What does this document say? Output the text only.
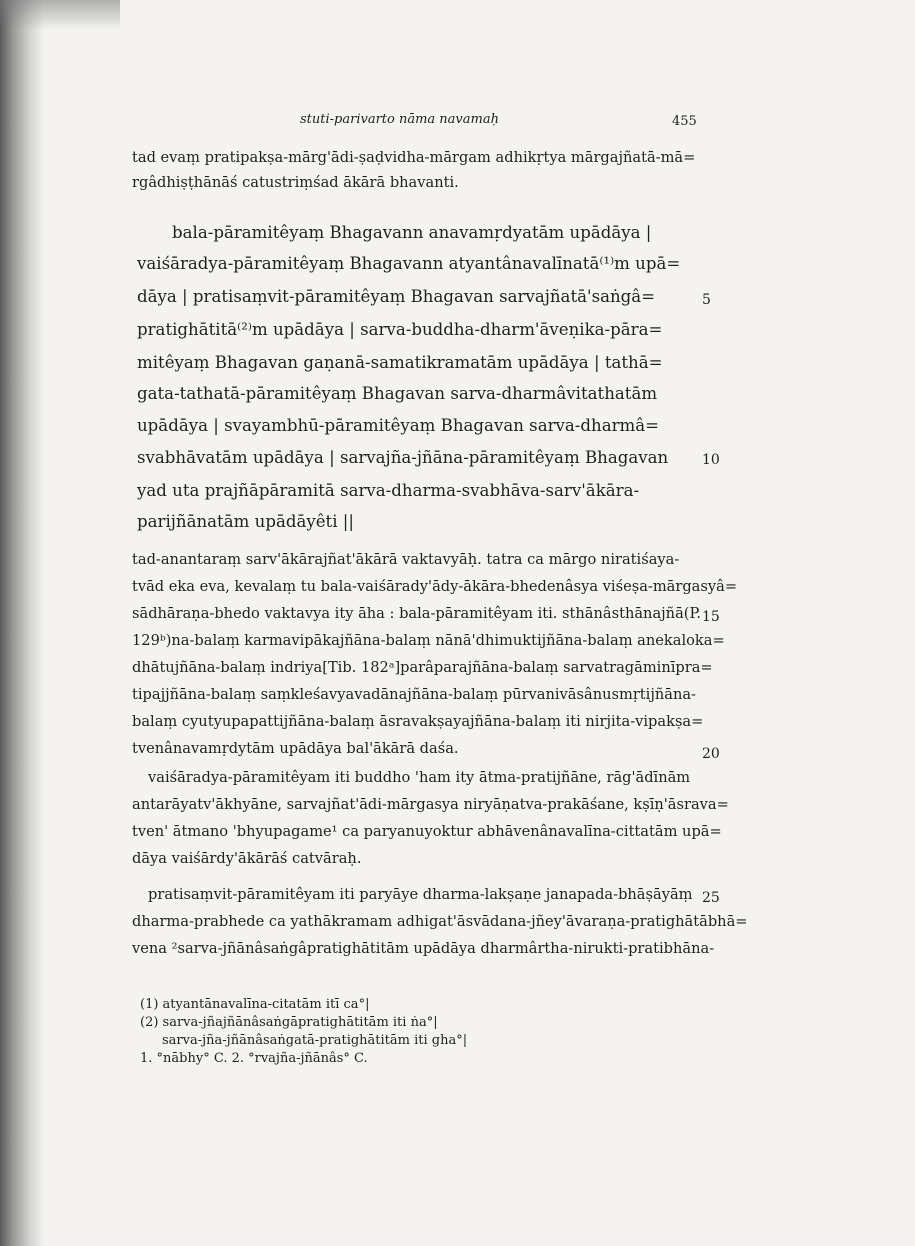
stuti-parivarto nāma navamaḥ	455
tad evaṃ pratipakṣa-mārg'ādi-ṣaḍvidha-mārgam adhikṛtya mārgajñatā-mā=
rgâdhiṣṭhānāś catustriṃśad ākārā bhavanti.
bala-pāramitêyaṃ Bhagavann anavamṛdyatām upādāya |
vaiśāradya-pāramitêyaṃ Bhagavann atyantânavalīnatā⁽¹⁾m upā=
dāya | pratisaṃvit-pāramitêyaṃ Bhagavan sarvajñatā'saṅgâ=
pratighātitā⁽²⁾m upādāya | sarva-buddha-dharm'āveṇika-pāra=
mitêyaṃ Bhagavan gaṇanā-samatikramatām upādāya | tathā=
gata-tathatā-pāramitêyaṃ Bhagavan sarva-dharmâvitathatām
upādāya | svayambhū-pāramitêyaṃ Bhagavan sarva-dharmâ=
svabhāvatām upādāya | sarvajña-jñāna-pāramitêyaṃ Bhagavan
yad uta prajñāpāramitā sarva-dharma-svabhāva-sarv'ākāra-
parijñānatām upādāyêti ||
tad-anantaraṃ sarv'ākārajñat'ākārā vaktavyāḥ. tatra ca mārgo niratiśaya-
tvād eka eva, kevalaṃ tu bala-vaiśārady'ādy-ākāra-bhedenâsya viśeṣa-mārgasyâ=
sādhāraṇa-bhedo vaktavya ity āha : bala-pāramitêyam iti. sthānâsthānajñā(P.
129ᵇ)na-balaṃ karmavipākajñāna-balaṃ nānā'dhimuktijñāna-balaṃ anekaloka=
dhātujñāna-balaṃ indriya[Tib. 182ᵃ]parâparajñāna-balaṃ sarvatragāminīpra=
tipajjñāna-balaṃ saṃkleśavyavadānajñāna-balaṃ pūrvanivāsânusmṛtijñāna-
balaṃ cyutyupapattijñāna-balaṃ āsravakṣayajñāna-balaṃ iti nirjita-vipakṣa=
tvenânavamṛdytām upādāya bal'ākārā daśa.
vaiśāradya-pāramitêyam iti buddho 'ham ity ātma-pratijñāne, rāg'ādīnām
antarāyatv'ākhyāne, sarvajñat'ādi-mārgasya niryāṇatva-prakāśane, kṣīṇ'āsrava=
tven' ātmano 'bhyupagame¹ ca paryanuyoktur abhāvenânavalīna-cittatām upā=
dāya vaiśārdy'ākārāś catvāraḥ.
pratisaṃvit-pāramitêyam iti paryāye dharma-lakṣaṇe janapada-bhāṣāyāṃ
dharma-prabhede ca yathākramam adhigat'āsvādana-jñey'āvaraṇa-pratighātābhā=
vena ²sarva-jñānâsaṅgâpratighātitām upādāya dharmârtha-nirukti-pratibhāna-
5
10
15
20
25
(1) atyantānavalīna-citatām itī ca°|
(2) sarva-jñajñānâsaṅgāpratighātitām iti ṅa°|
sarva-jña-jñānâsaṅgatā-pratighātitām iti gha°|
1. °nābhy° C. 2. °rvajña-jñānâs° C.
